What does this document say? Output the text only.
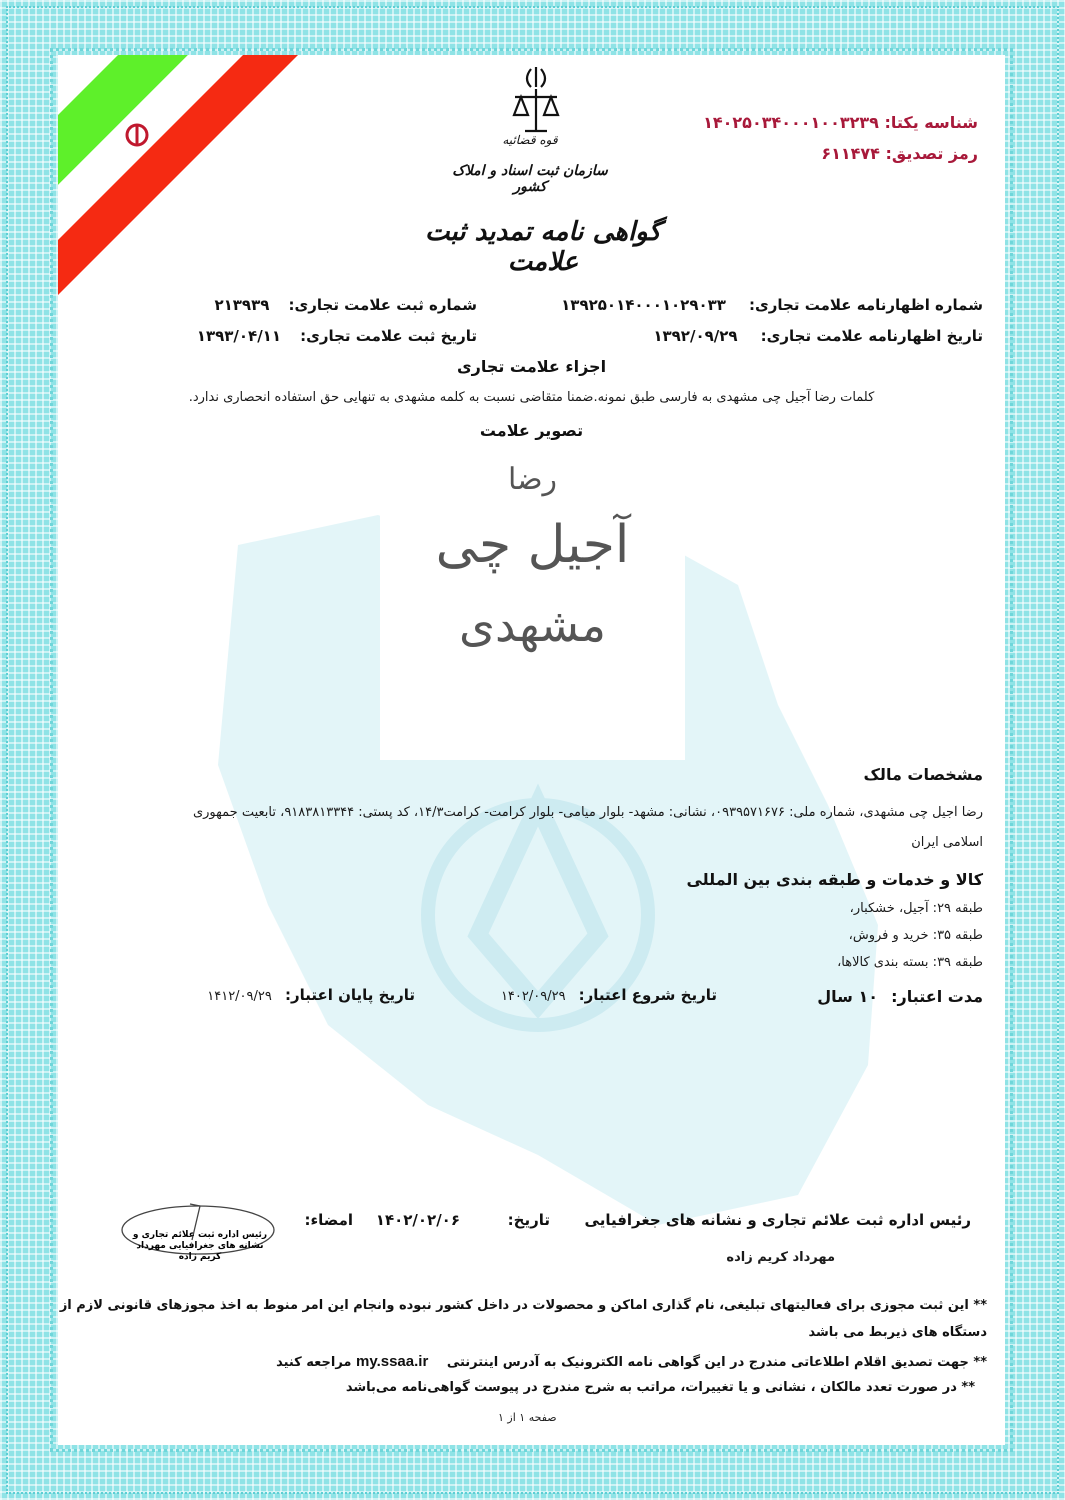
قوه قضائیه
سازمان ثبت اسناد و املاک کشور
گواهی نامه تمدید ثبت علامت
شناسه یکتا: ۱۴۰۲۵۰۳۴۰۰۰۱۰۰۳۲۳۹
رمز تصدیق: ۶۱۱۴۷۴
شماره اظهارنامه علامت تجاری: ۱۳۹۲۵۰۱۴۰۰۰۱۰۲۹۰۳۳
تاریخ اظهارنامه علامت تجاری: ۱۳۹۲/۰۹/۲۹
شماره ثبت علامت تجاری: ۲۱۳۹۳۹
تاریخ ثبت علامت تجاری: ۱۳۹۳/۰۴/۱۱
اجزاء علامت تجاری
کلمات رضا آجیل چی مشهدی به فارسی طبق نمونه.ضمنا متقاضی نسبت به کلمه مشهدی به تنهایی حق استفاده انحصاری ندارد.
تصویر علامت
رضا
آجیل چی
مشهدی
مشخصات مالک
رضا آجیل چی مشهدی، شماره ملی: ۰۹۳۹۵۷۱۶۷۶، نشانی: مشهد- بلوار میامی- بلوار کرامت- کرامت۱۴/۳، کد پستی: ۹۱۸۳۸۱۳۳۴۴، تابعیت جمهوری
اسلامی ایران
کالا و خدمات و طبقه بندی بین المللی
طبقه ۲۹: آجیل، خشکبار،
طبقه ۳۵: خرید و فروش،
طبقه ۳۹: بسته بندی کالاها،
مدت اعتبار: ۱۰ سال
تاریخ شروع اعتبار: ۱۴۰۲/۰۹/۲۹
تاریخ پایان اعتبار: ۱۴۱۲/۰۹/۲۹
رئیس اداره ثبت علائم تجاری و نشانه های جغرافیایی
مهرداد کریم زاده
تاریخ:
۱۴۰۲/۰۲/۰۶
امضاء:
رئیس اداره ثبت علائم تجاری و نشانه های جغرافیایی مهرداد کریم زاده
** این ثبت مجوزی برای فعالیتهای تبلیغی، نام گذاری اماکن و محصولات در داخل کشور نبوده وانجام این امر منوط به اخذ مجوزهای قانونی لازم از
دستگاه های ذیربط می باشد
** جهت تصدیق اقلام اطلاعاتی مندرج در این گواهی نامه الکترونیک به آدرس اینترنتی my.ssaa.ir مراجعه کنید
** در صورت تعدد مالکان ، نشانی و یا تغییرات، مراتب به شرح مندرج در پیوست گواهی‌نامه می‌باشد
صفحه ۱ از ۱
